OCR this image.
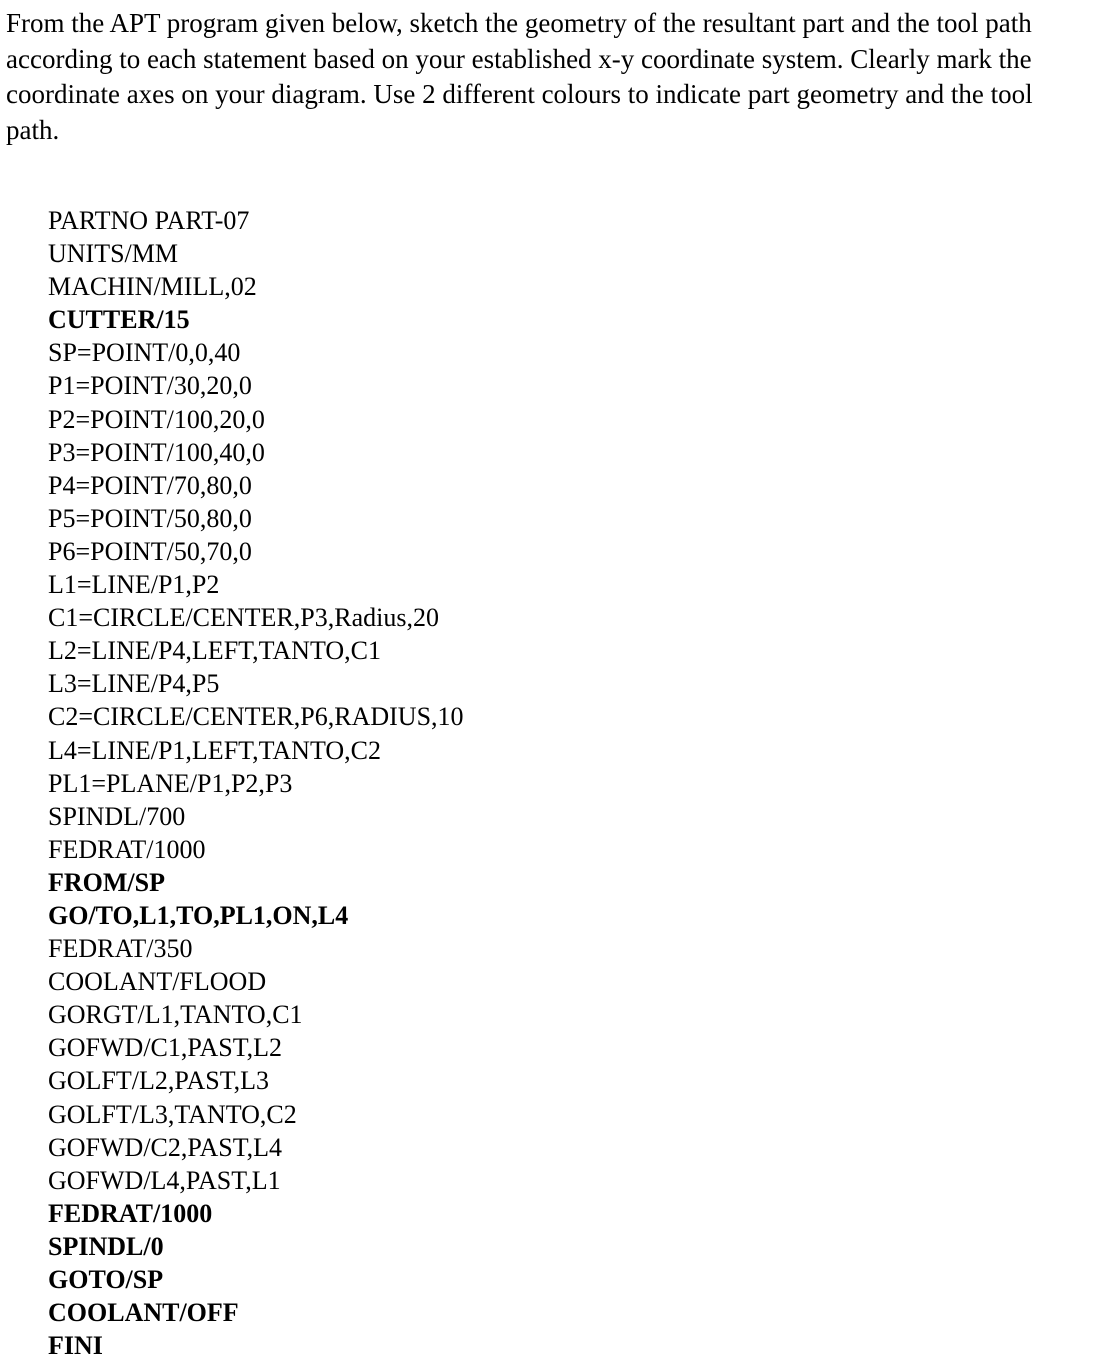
From the APT program given below, sketch the geometry of the resultant part and the tool path according to each statement based on your established x-y coordinate system. Clearly mark the coordinate axes on your diagram. Use 2 different colours to indicate part geometry and the tool path.

PARTNO PART-07
UNITS/MM
MACHIN/MILL,02
CUTTER/15
SP=POINT/0,0,40
P1=POINT/30,20,0
P2=POINT/100,20,0
P3=POINT/100,40,0
P4=POINT/70,80,0
P5=POINT/50,80,0
P6=POINT/50,70,0
L1=LINE/P1,P2
C1=CIRCLE/CENTER,P3,Radius,20
L2=LINE/P4,LEFT,TANTO,C1
L3=LINE/P4,P5
C2=CIRCLE/CENTER,P6,RADIUS,10
L4=LINE/P1,LEFT,TANTO,C2
PL1=PLANE/P1,P2,P3
SPINDL/700
FEDRAT/1000
FROM/SP
GO/TO,L1,TO,PL1,ON,L4
FEDRAT/350
COOLANT/FLOOD
GORGT/L1,TANTO,C1
GOFWD/C1,PAST,L2
GOLFT/L2,PAST,L3
GOLFT/L3,TANTO,C2
GOFWD/C2,PAST,L4
GOFWD/L4,PAST,L1
FEDRAT/1000
SPINDL/0
GOTO/SP
COOLANT/OFF
FINI
